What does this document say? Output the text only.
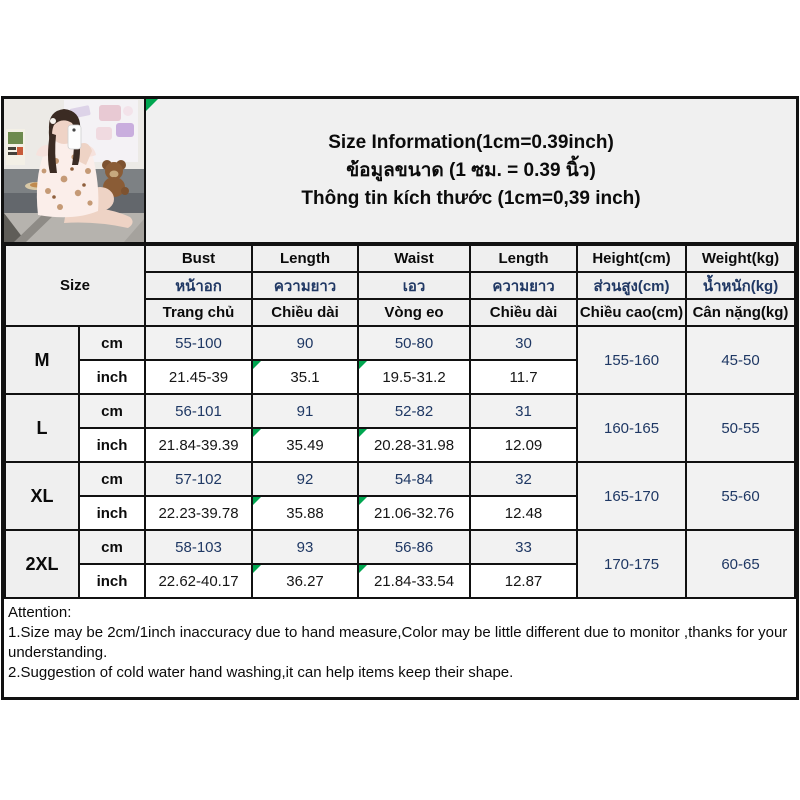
Size Information(1cm=0.39inch)
ข้อมูลขนาด (1 ซม. = 0.39 นิ้ว)
Thông tin kích thước (1cm=0,39 inch)
Size		Bust	Length	Waist	Length	Height(cm)	Weight(kg)
		หน้าอก	ความยาว	เอว	ความยาว	ส่วนสูง(cm)	น้ำหนัก(kg)
		Trang chủ	Chiều dài	Vòng eo	Chiều dài	Chiều cao(cm)	Cân nặng(kg)
M	cm	55-100	90	50-80	30	155-160	45-50
	inch	21.45-39	35.1	19.5-31.2	11.7		
L	cm	56-101	91	52-82	31	160-165	50-55
	inch	21.84-39.39	35.49	20.28-31.98	12.09		
XL	cm	57-102	92	54-84	32	165-170	55-60
	inch	22.23-39.78	35.88	21.06-32.76	12.48		
2XL	cm	58-103	93	56-86	33	170-175	60-65
	inch	22.62-40.17	36.27	21.84-33.54	12.87		
Attention:
1.Size may be 2cm/1inch inaccuracy due to hand measure,Color may be little different due to monitor ,thanks for your understanding.
2.Suggestion of cold water hand washing,it can help items keep their shape.
